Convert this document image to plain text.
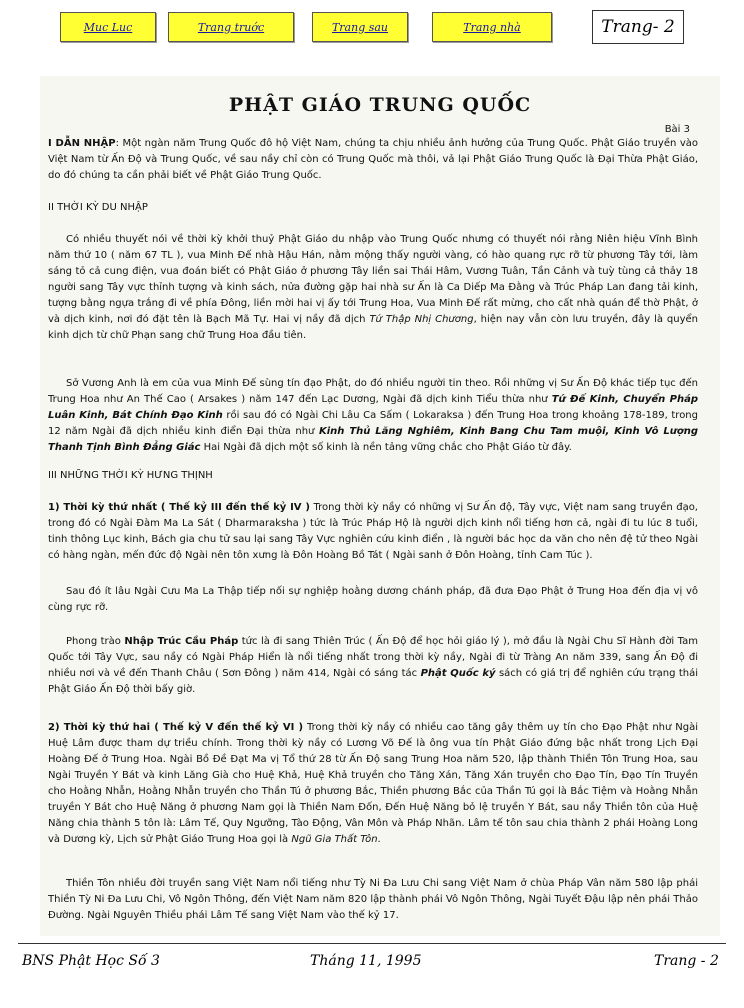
Muc Luc	Trang truớc	Trang sau	Trang nhà	Trang- 2
PHẬT GIÁO TRUNG QUỐC
Bài 3

I DẪN NHẬP: Một ngàn năm Trung Quốc đô hộ Việt Nam, chúng ta chịu nhiều ảnh hưởng của Trung Quốc. Phật Giáo truyền vào Việt Nam từ Ấn Độ và Trung Quốc, về sau nầy chỉ còn có Trung Quốc mà thôi, vả lại Phật Giáo Trung Quốc là Đại Thừa Phật Giáo, do đó chúng ta cần phải biết về Phật Giáo Trung Quốc.

II THỜI KỲ DU NHẬP

Có nhiều thuyết nói về thời kỳ khởi thuỷ Phật Giáo du nhập vào Trung Quốc nhưng có thuyết nói rằng Niên hiệu Vĩnh Bình năm thứ 10 ( năm 67 TL ), vua Minh Đế nhà Hậu Hán, nằm mộng thấy người vàng, có hào quang rực rỡ từ phương Tây tới, làm sáng tỏ cả cung điện, vua đoán biết có Phật Giáo ở phương Tây liền sai Thái Hâm, Vương Tuân, Tần Cảnh và tuỳ tùng cả thảy 18 người sang Tây vực thỉnh tượng và kinh sách, nửa đường gặp hai nhà sư Ấn là Ca Diếp Ma Đằng và Trúc Pháp Lan đang tải kinh, tượng bằng ngựa trắng đi về phía Đông, liền mời hai vị ấy tới Trung Hoa, Vua Minh Đế rất mừng, cho cất nhà quán để thờ Phật, ở và dịch kinh, nơi đó đặt tên là Bạch Mã Tự. Hai vị nầy đã dịch Tứ Thập Nhị Chương, hiện nay vẫn còn lưu truyền, đây là quyển kinh dịch từ chữ Phạn sang chữ Trung Hoa đầu tiên.

Sở Vương Anh là em của vua Minh Đế sùng tín đạo Phật, do đó nhiều người tin theo. Rồi những vị Sư Ấn Độ khác tiếp tục đến Trung Hoa như An Thế Cao ( Arsakes ) năm 147 đến Lạc Dương, Ngài đã dịch kinh Tiểu thừa như Tứ Đế Kinh, Chuyển Pháp Luân Kinh, Bát Chính Đạo Kinh rồi sau đó có Ngài Chi Lâu Ca Sấm ( Lokaraksa ) đến Trung Hoa trong khoảng 178-189, trong 12 năm Ngài đã dịch nhiều kinh điển Đại thừa như Kinh Thủ Lăng Nghiêm, Kinh Bang Chu Tam muội, Kinh Vô Lượng Thanh Tịnh Bình Đẳng Giác Hai Ngài đã dịch một số kinh là nền tảng vững chắc cho Phật Giáo từ đây.

III NHỮNG THỜI KỲ HƯNG THỊNH

1) Thời kỳ thứ nhất ( Thế kỷ III đến thế kỷ IV ) Trong thời kỳ nầy có những vị Sư Ấn độ, Tây vực, Việt nam sang truyền đạo, trong đó có Ngài Đàm Ma La Sát ( Dharmaraksha ) tức là Trúc Pháp Hộ là người dịch kinh nổi tiếng hơn cả, ngài đi tu lúc 8 tuổi, tinh thông Lục kinh, Bách gia chu tử sau lại sang Tây Vực nghiên cứu kinh điển , là người bác học da văn cho nên đệ tử theo Ngài có hàng ngàn, mến đức độ Ngài nên tôn xưng là Đôn Hoàng Bồ Tát ( Ngài sanh ở Đôn Hoàng, tỉnh Cam Túc ).

Sau đó ít lâu Ngài Cưu Ma La Thập tiếp nối sự nghiệp hoằng dương chánh pháp, đã đưa Đạo Phật ở Trung Hoa đến địa vị vô cùng rực rỡ.

Phong trào Nhập Trúc Cầu Pháp tức là đi sang Thiên Trúc ( Ấn Độ để học hỏi giáo lý ), mở đầu là Ngài Chu Sĩ Hành đời Tam Quốc tới Tây Vực, sau nầy có Ngài Pháp Hiển là nổi tiếng nhất trong thời kỳ nầy, Ngài đi từ Tràng An năm 339, sang Ấn Độ đi nhiều nơi và về đến Thanh Châu ( Sơn Đông ) năm 414, Ngài có sáng tác Phật Quốc ký sách có giá trị để nghiên cứu trạng thái Phật Giáo Ấn Độ thời bấy giờ.

2) Thời kỳ thứ hai ( Thế kỷ V đến thế kỷ VI ) Trong thời kỳ nầy có nhiều cao tăng gây thêm uy tín cho Đạo Phật như Ngài Huệ Lâm được tham dự triều chính. Trong thời kỳ nầy có Lương Võ Đế là ông vua tín Phật Giáo đứng bậc nhất trong Lịch Đại Hoàng Đế ở Trung Hoa. Ngài Bồ Đề Đạt Ma vị Tổ thứ 28 từ Ấn Độ sang Trung Hoa năm 520, lập thành Thiền Tôn Trung Hoa, sau Ngài Truyền Y Bát và kinh Lăng Già cho Huệ Khả, Huệ Khả truyền cho Tăng Xán, Tăng Xán truyền cho Đạo Tín, Đạo Tín Truyền cho Hoằng Nhẫn, Hoằng Nhẫn truyền cho Thần Tú ở phương Bắc, Thiền phương Bắc của Thần Tú gọi là Bắc Tiệm và Hoằng Nhẫn truyền Y Bát cho Huệ Năng ở phương Nam gọi là Thiền Nam Đốn, Đến Huệ Năng bỏ lệ truyền Y Bát, sau nầy Thiền tôn của Huệ Năng chia thành 5 tôn là: Lâm Tế, Quy Ngưỡng, Tào Động, Vân Môn và Pháp Nhãn. Lâm tế tôn sau chia thành 2 phái Hoàng Long và Dương kỳ, Lịch sử Phật Giáo Trung Hoa gọi là Ngũ Gia Thất Tôn.

Thiền Tôn nhiều đời truyền sang Việt Nam nổi tiếng như Tỳ Ni Đa Lưu Chi sang Việt Nam ở chùa Pháp Vân năm 580 lập phái Thiền Tỳ Ni Đa Lưu Chi, Vô Ngôn Thông, đến Việt Nam năm 820 lập thành phái Vô Ngôn Thông, Ngài Tuyết Đậu lập nên phái Thảo Đường. Ngài Nguyên Thiều phái Lâm Tế sang Việt Nam vào thế kỷ 17.

BNS Phật Học Số 3	Tháng 11, 1995	Trang - 2
